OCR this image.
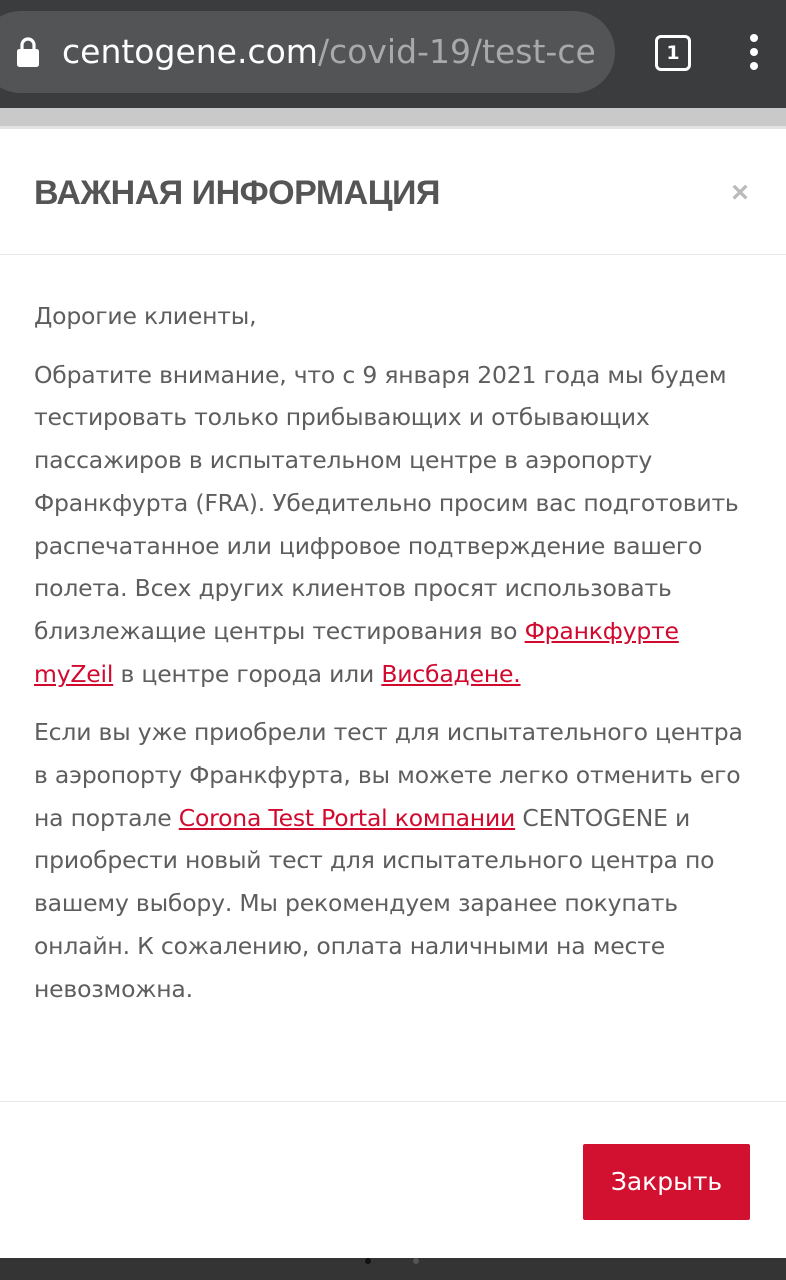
centogene.com/covid-19/test-ce	1
ВАЖНАЯ ИНФОРМАЦИЯ	×

Дорогие клиенты,

Обратите внимание, что с 9 января 2021 года мы будем тестировать только прибывающих и отбывающих пассажиров в испытательном центре в аэропорту Франкфурта (FRA). Убедительно просим вас подготовить распечатанное или цифровое подтверждение вашего полета. Всех других клиентов просят использовать близлежащие центры тестирования во Франкфурте myZeil в центре города или Висбадене.

Если вы уже приобрели тест для испытательного центра в аэропорту Франкфурта, вы можете легко отменить его на портале Corona Test Portal компании CENTOGENE и приобрести новый тест для испытательного центра по вашему выбору. Мы рекомендуем заранее покупать онлайн. К сожалению, оплата наличными на месте невозможна.

Закрыть
